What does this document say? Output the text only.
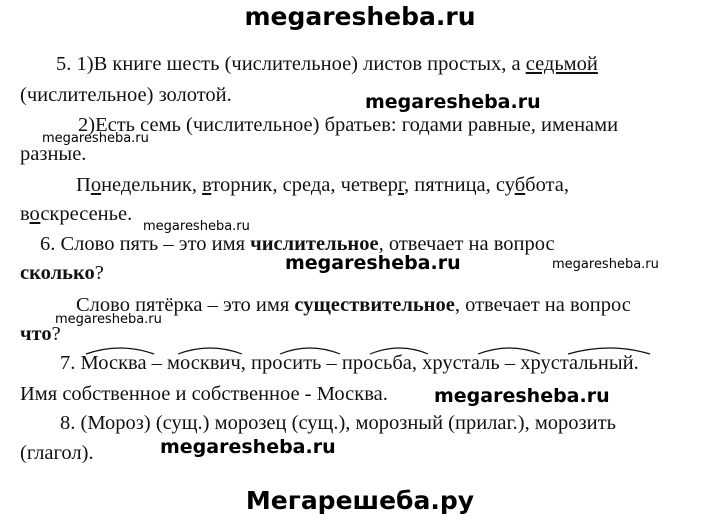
megaresheba.ru
5. 1)В книге шесть (числительное) листов простых, а седьмой
(числительное) золотой.	megaresheba.ru
2)Есть семь (числительное) братьев: годами равные, именами
megaresheba.ru
разные.
Понедельник, вторник, среда, четверг, пятница, суббота,
воскресенье.
megaresheba.ru
6. Слово пять – это имя числительное, отвечает на вопрос
megaresheba.ru	megaresheba.ru
сколько?
Слово пятёрка – это имя существительное, отвечает на вопрос
megaresheba.ru
что?
7. Москва – москвич, просить – просьба, хрусталь – хрустальный.
Имя собственное и собственное - Москва. megaresheba.ru
8. (Мороз) (сущ.) морозец (сущ.), морозный (прилаг.), морозить
(глагол).	megaresheba.ru
Мегарешеба.ру
